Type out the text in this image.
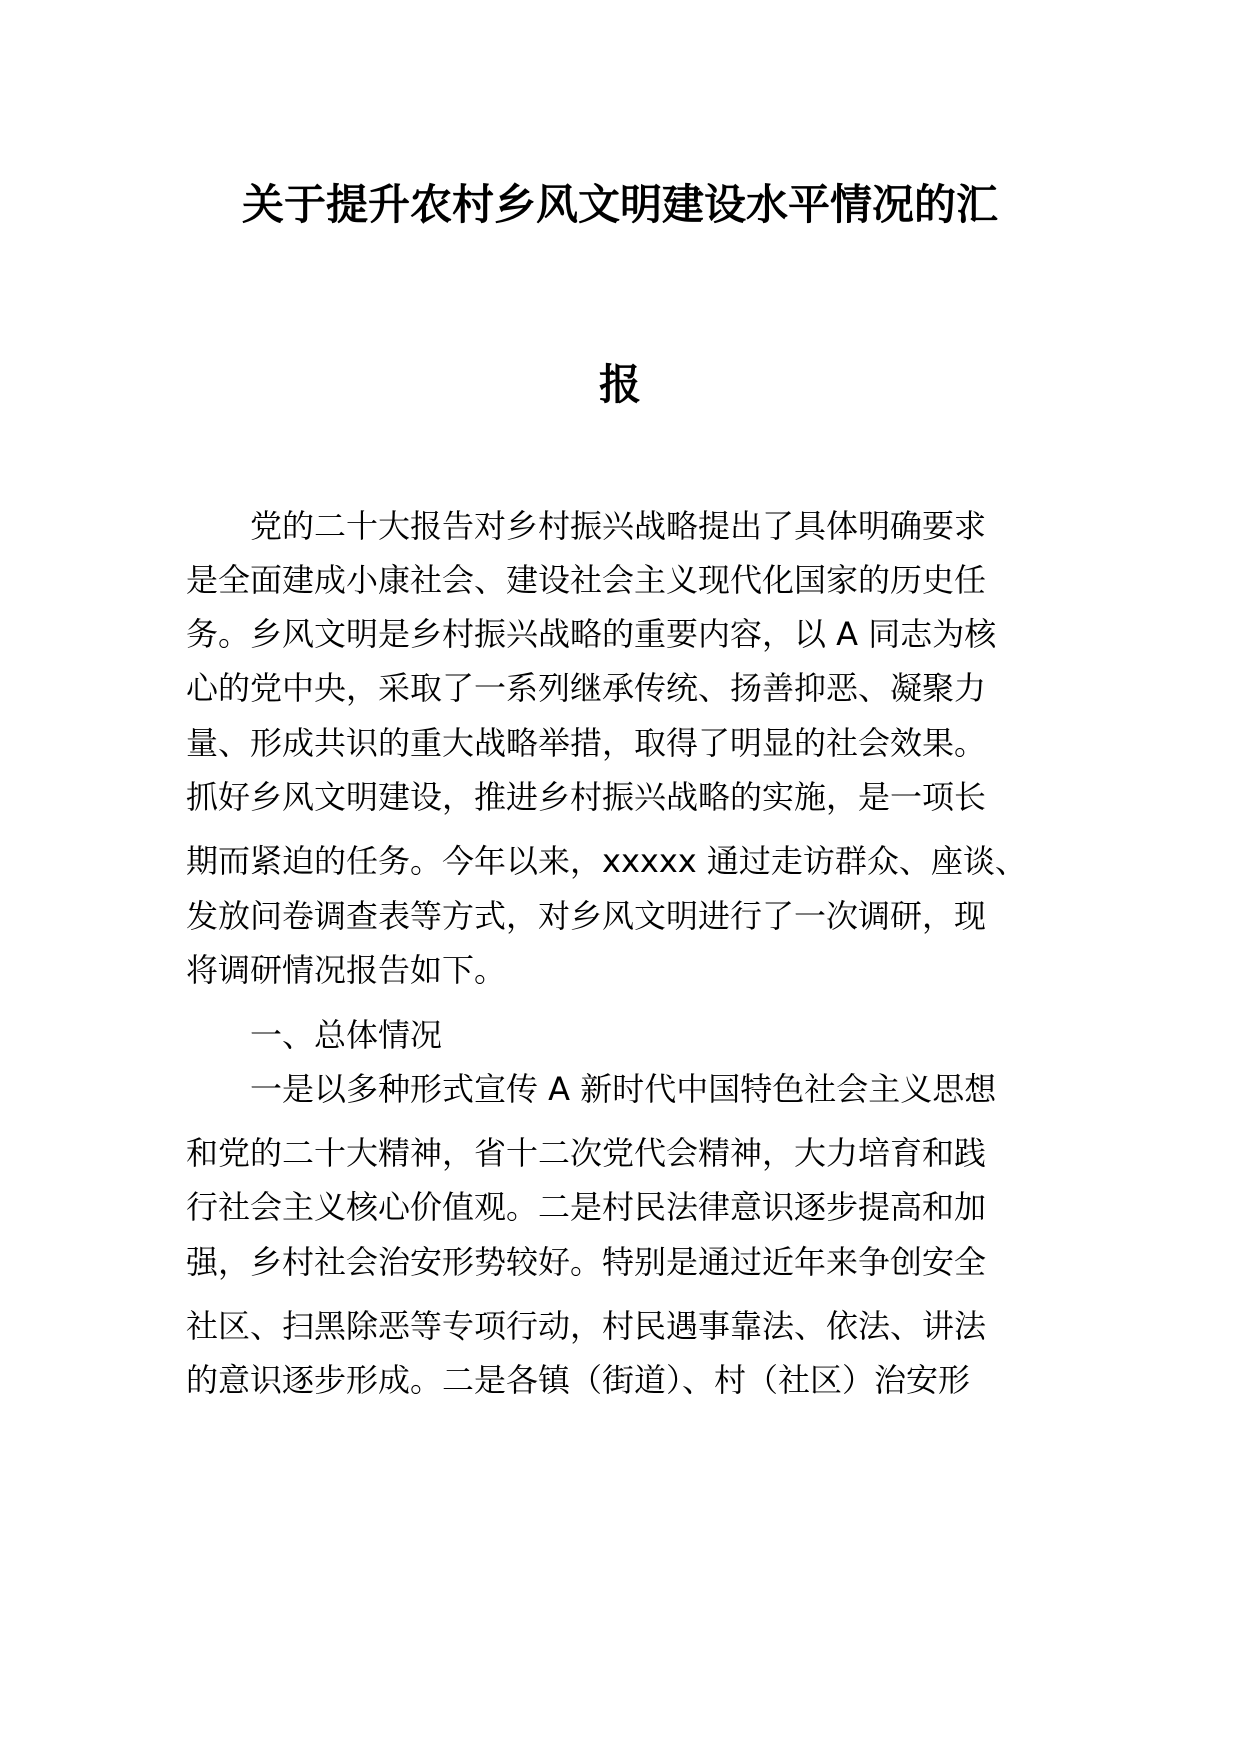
关于提升农村乡风文明建设水平情况的汇
报

　　党的二十大报告对乡村振兴战略提出了具体明确要求

是全面建成小康社会、建设社会主义现代化国家的历史任

务。乡风文明是乡村振兴战略的重要内容，以 A 同志为核

心的党中央，采取了一系列继承传统、扬善抑恶、凝聚力

量、形成共识的重大战略举措，取得了明显的社会效果。

抓好乡风文明建设，推进乡村振兴战略的实施，是一项长

期而紧迫的任务。今年以来，xxxxx 通过走访群众、座谈、

发放问卷调查表等方式，对乡风文明进行了一次调研，现

将调研情况报告如下。

一、总体情况

　　一是以多种形式宣传 A 新时代中国特色社会主义思想

和党的二十大精神，省十二次党代会精神，大力培育和践

行社会主义核心价值观。二是村民法律意识逐步提高和加

强，乡村社会治安形势较好。特别是通过近年来争创安全

社区、扫黑除恶等专项行动，村民遇事靠法、依法、讲法

的意识逐步形成。二是各镇（街道）、村（社区）治安形
